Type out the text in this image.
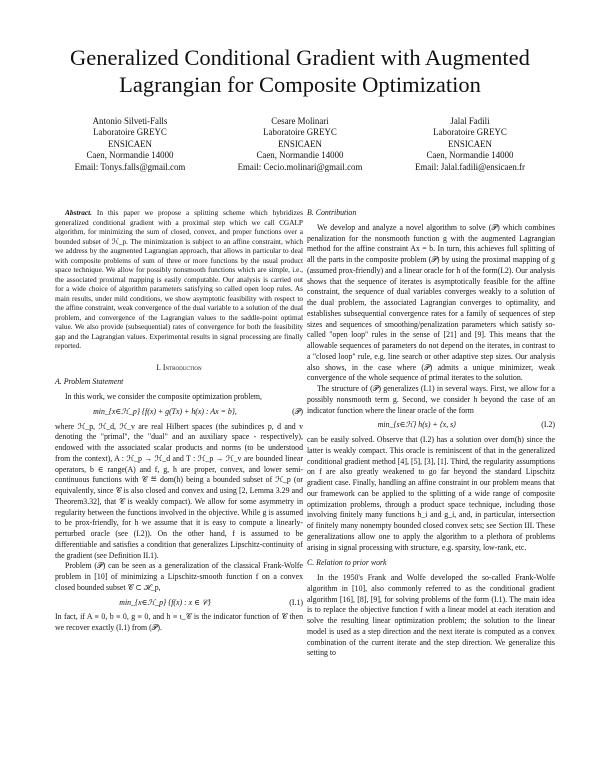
Generalized Conditional Gradient with Augmented Lagrangian for Composite Optimization
Antonio Silveti-Falls
Laboratoire GREYC
ENSICAEN
Caen, Normandie 14000
Email: Tonys.falls@gmail.com
Cesare Molinari
Laboratoire GREYC
ENSICAEN
Caen, Normandie 14000
Email: Cecio.molinari@gmail.com
Jalal Fadili
Laboratoire GREYC
ENSICAEN
Caen, Normandie 14000
Email: Jalal.fadili@ensicaen.fr

Abstract. In this paper we propose a splitting scheme which hybridizes generalized conditional gradient with a proximal step which we call CGALP algorithm, for minimizing the sum of closed, convex, and proper functions over a bounded subset of ℋ_p. The minimization is subject to an affine constraint, which we address by the augmented Lagrangian approach, that allows in particular to deal with composite problems of sum of three or more functions by the usual product space technique. We allow for possibly nonsmooth functions which are simple, i.e., the associated proximal mapping is easily computable. Our analysis is carried out for a wide choice of algorithm parameters satisfying so called open loop rules. As main results, under mild conditions, we show asymptotic feasibility with respect to the affine constraint, weak convergence of the dual variable to a solution of the dual problem, and convergence of the Lagrangian values to the saddle-point optimal value. We also provide (subsequential) rates of convergence for both the feasibility gap and the Lagrangian values. Experimental results in signal processing are finally reported.

I. Introduction
A. Problem Statement

In this work, we consider the composite optimization problem,

min_{x∈ℋ_p} {f(x) + g(Tx) + h(x) : Ax = b},	(𝒫)

where ℋ_p, ℋ_d, ℋ_v are real Hilbert spaces (the subindices p, d and v denoting the "primal", the "dual" and an auxiliary space - respectively), endowed with the associated scalar products and norms (to be understood from the context), A : ℋ_p → ℋ_d and T : ℋ_p → ℋ_v are bounded linear operators, b ∈ range(A) and f, g, h are proper, convex, and lower semi-continuous functions with 𝒞 ≝ dom(h) being a bounded subset of ℋ_p (or equivalently, since 𝒞 is also closed and convex and using [2, Lemma 3.29 and Theorem3.32], that 𝒞 is weakly compact). We allow for some asymmetry in regularity between the functions involved in the objective. While g is assumed to be prox-friendly, for h we assume that it is easy to compute a linearly-perturbed oracle (see (I.2)). On the other hand, f is assumed to be differentiable and satisfies a condition that generalizes Lipschitz-continuity of the gradient (see Definition II.1).

Problem (𝒫) can be seen as a generalization of the classical Frank-Wolfe problem in [10] of minimizing a Lipschitz-smooth function f on a convex closed bounded subset 𝒞 ⊂ ℋ_p,

min_{x∈ℋ_p} {f(x) : x ∈ 𝒞}	(I.1)

In fact, if A ≡ 0, b ≡ 0, g ≡ 0, and h ≡ ι_𝒞 is the indicator function of 𝒞 then we recover exactly (I.1) from (𝒫).

B. Contribution

We develop and analyze a novel algorithm to solve (𝒫) which combines penalization for the nonsmooth function g with the augmented Lagrangian method for the affine constraint Ax = b. In turn, this achieves full splitting of all the parts in the composite problem (𝒫) by using the proximal mapping of g (assumed prox-friendly) and a linear oracle for h of the form(I.2). Our analysis shows that the sequence of iterates is asymptotically feasible for the affine constraint, the sequence of dual variables converges weakly to a solution of the dual problem, the associated Lagrangian converges to optimality, and establishes subsequential convergence rates for a family of sequences of step sizes and sequences of smoothing/penalization parameters which satisfy so-called "open loop" rules in the sense of [21] and [9]. This means that the allowable sequences of parameters do not depend on the iterates, in contrast to a "closed loop" rule, e.g. line search or other adaptive step sizes. Our analysis also shows, in the case where (𝒫) admits a unique minimizer, weak convergence of the whole sequence of primal iterates to the solution.

The structure of (𝒫) generalizes (I.1) in several ways. First, we allow for a possibly nonsmooth term g. Second, we consider h beyond the case of an indicator function where the linear oracle of the form

min_{s∈ℋ} h(s) + ⟨x, s⟩	(I.2)

can be easily solved. Observe that (I.2) has a solution over dom(h) since the latter is weakly compact. This oracle is reminiscent of that in the generalized conditional gradient method [4], [5], [3], [1]. Third, the regularity assumptions on f are also greatly weakened to go far beyond the standard Lipschitz gradient case. Finally, handling an affine constraint in our problem means that our framework can be applied to the splitting of a wide range of composite optimization problems, through a product space technique, including those involving finitely many functions h_i and g_i, and, in particular, intersection of finitely many nonempty bounded closed convex sets; see Section III. These generalizations allow one to apply the algorithm to a plethora of problems arising in signal processing with structure, e.g. sparsity, low-rank, etc.

C. Relation to prior work

In the 1950's Frank and Wolfe developed the so-called Frank-Wolfe algorithm in [10], also commonly referred to as the conditional gradient algorithm [16], [8], [9], for solving problems of the form (I.1). The main idea is to replace the objective function f with a linear model at each iteration and solve the resulting linear optimization problem; the solution to the linear model is used as a step direction and the next iterate is computed as a convex combination of the current iterate and the step direction. We generalize this setting to
